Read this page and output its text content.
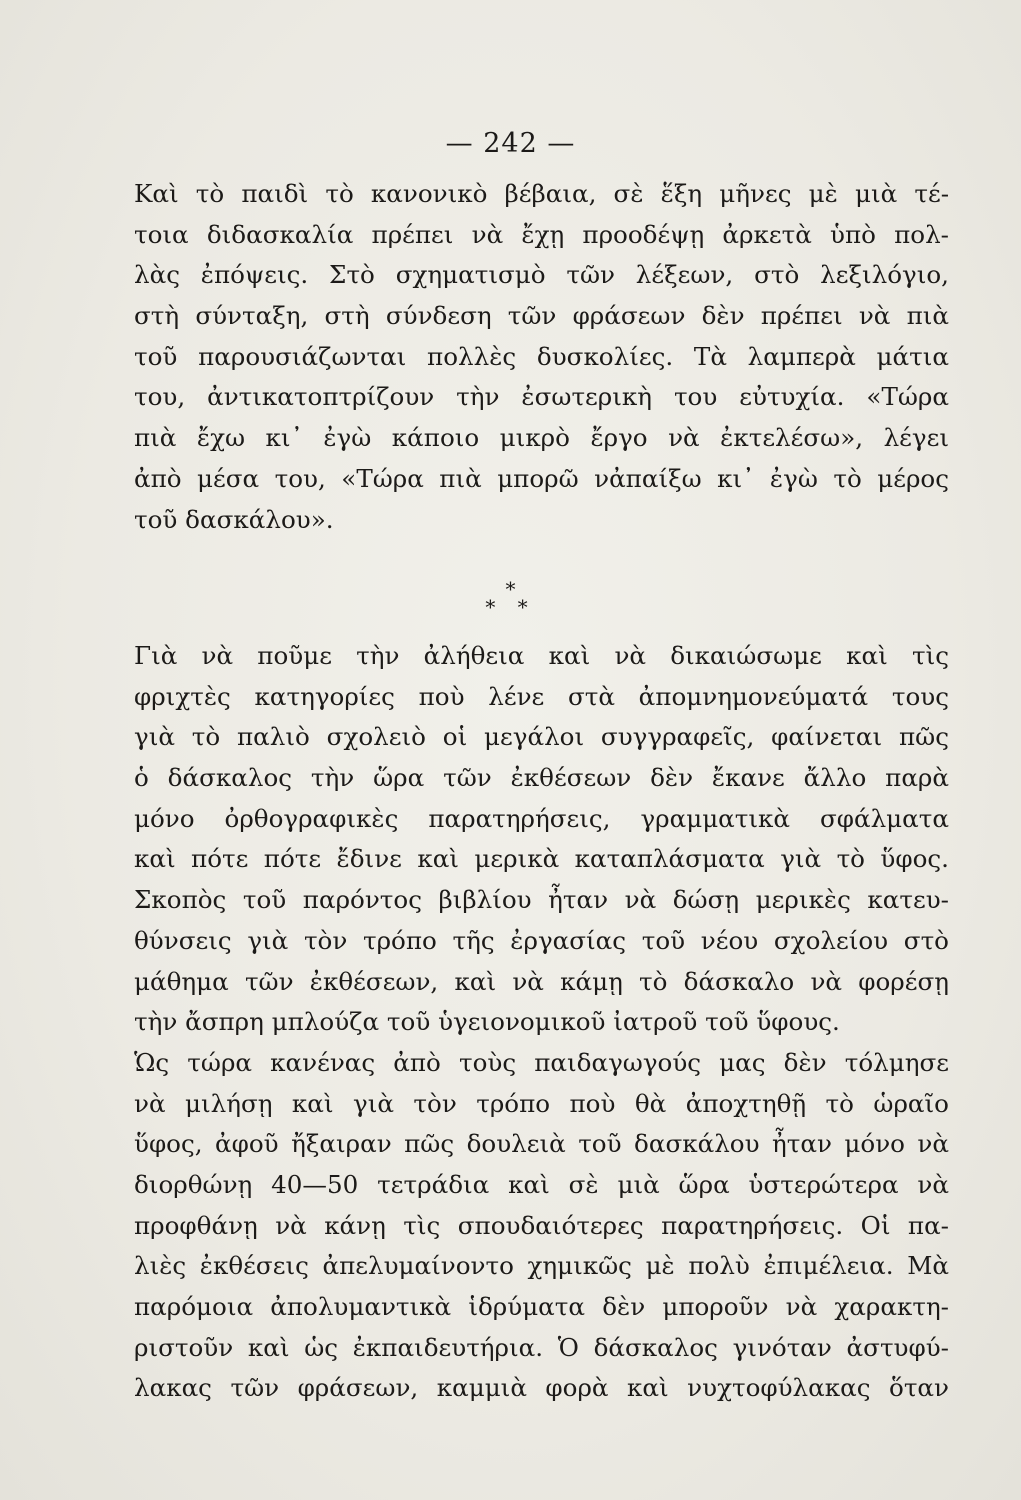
— 242 —
Καὶ τὸ παιδὶ τὸ κανονικὸ βέβαια, σὲ ἕξη μῆνες μὲ μιὰ τέ-
τοια διδασκαλία πρέπει νὰ ἔχῃ προοδέψῃ ἀρκετὰ ὑπὸ πολ-
λὰς ἐπόψεις. Στὸ σχηματισμὸ τῶν λέξεων, στὸ λεξιλόγιο,
στὴ σύνταξη, στὴ σύνδεση τῶν φράσεων δὲν πρέπει νὰ πιὰ
τοῦ παρουσιάζωνται πολλὲς δυσκολίες. Τὰ λαμπερὰ μάτια
του, ἀντικατοπτρίζουν τὴν ἐσωτερικὴ του εὐτυχία. «Τώρα
πιὰ ἔχω κι᾽ ἐγὼ κάποιο μικρὸ ἔργο νὰ ἐκτελέσω», λέγει
ἀπὸ μέσα του, «Τώρα πιὰ μπορῶ νἀπαίξω κι᾽ ἐγὼ τὸ μέρος
τοῦ δασκάλου».
*
* *
Γιὰ νὰ ποῦμε τὴν ἀλήθεια καὶ νὰ δικαιώσωμε καὶ τὶς
φριχτὲς κατηγορίες ποὺ λένε στὰ ἀπομνημονεύματά τους
γιὰ τὸ παλιὸ σχολειὸ οἱ μεγάλοι συγγραφεῖς, φαίνεται πῶς
ὁ δάσκαλος τὴν ὥρα τῶν ἐκθέσεων δὲν ἔκανε ἄλλο παρὰ
μόνο ὀρθογραφικὲς παρατηρήσεις, γραμματικὰ σφάλματα
καὶ πότε πότε ἔδινε καὶ μερικὰ καταπλάσματα γιὰ τὸ ὕφος.
Σκοπὸς τοῦ παρόντος βιβλίου ἦταν νὰ δώσῃ μερικὲς κατευ-
θύνσεις γιὰ τὸν τρόπο τῆς ἐργασίας τοῦ νέου σχολείου στὸ
μάθημα τῶν ἐκθέσεων, καὶ νὰ κάμῃ τὸ δάσκαλο νὰ φορέσῃ
τὴν ἄσπρη μπλούζα τοῦ ὑγειονομικοῦ ἰατροῦ τοῦ ὕφους.
Ὡς τώρα κανένας ἀπὸ τοὺς παιδαγωγούς μας δὲν τόλμησε
νὰ μιλήσῃ καὶ γιὰ τὸν τρόπο ποὺ θὰ ἀποχτηθῇ τὸ ὡραῖο
ὕφος, ἀφοῦ ἤξαιραν πῶς δουλειὰ τοῦ δασκάλου ἦταν μόνο νὰ
διορθώνῃ 40—50 τετράδια καὶ σὲ μιὰ ὥρα ὑστερώτερα νὰ
προφθάνῃ νὰ κάνῃ τὶς σπουδαιότερες παρατηρήσεις. Οἱ πα-
λιὲς ἐκθέσεις ἀπελυμαίνοντο χημικῶς μὲ πολὺ ἐπιμέλεια. Μὰ
παρόμοια ἀπολυμαντικὰ ἱδρύματα δὲν μποροῦν νὰ χαρακτη-
ριστοῦν καὶ ὡς ἐκπαιδευτήρια. Ὁ δάσκαλος γινόταν ἀστυφύ-
λακας τῶν φράσεων, καμμιὰ φορὰ καὶ νυχτοφύλακας ὅταν
